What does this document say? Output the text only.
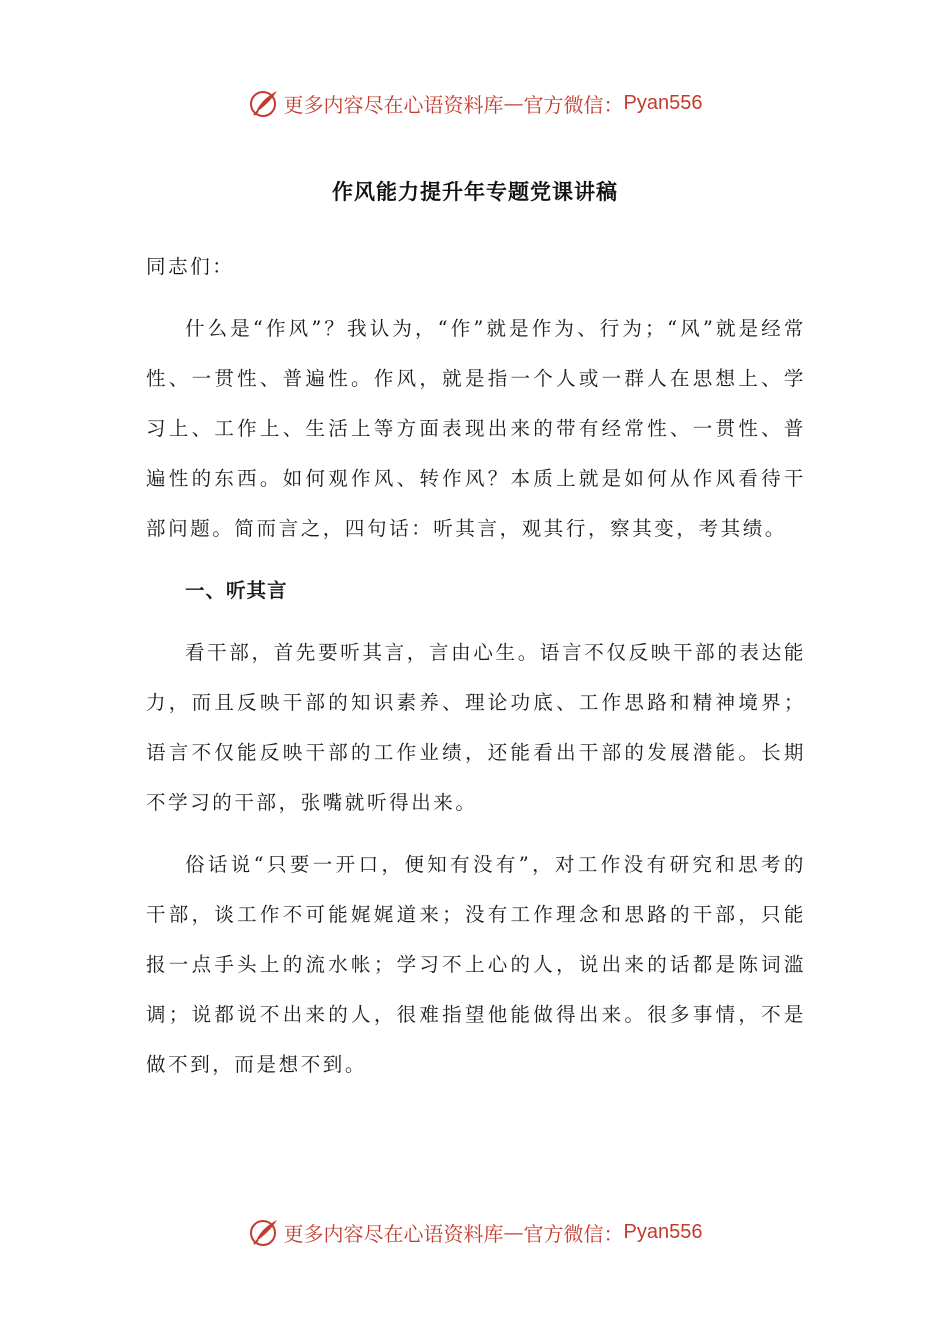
更多内容尽在心语资料库 — 官方微信： Pyan556
作风能力提升年专题党课讲稿

同志们：

什么是“作风”？我认为，“作”就是作为、行为；“风”就是经常性、一贯性、普遍性。作风，就是指一个人或一群人在思想上、学习上、工作上、生活上等方面表现出来的带有经常性、一贯性、普遍性的东西。如何观作风、转作风？本质上就是如何从作风看待干部问题。简而言之，四句话：听其言，观其行，察其变，考其绩。

一、听其言

看干部，首先要听其言，言由心生。语言不仅反映干部的表达能力，而且反映干部的知识素养、理论功底、工作思路和精神境界；语言不仅能反映干部的工作业绩，还能看出干部的发展潜能。长期不学习的干部，张嘴就听得出来。

俗话说“只要一开口，便知有没有”，对工作没有研究和思考的干部，谈工作不可能娓娓道来；没有工作理念和思路的干部，只能报一点手头上的流水帐；学习不上心的人，说出来的话都是陈词滥调；说都说不出来的人，很难指望他能做得出来。很多事情，不是做不到，而是想不到。

更多内容尽在心语资料库 — 官方微信： Pyan556
